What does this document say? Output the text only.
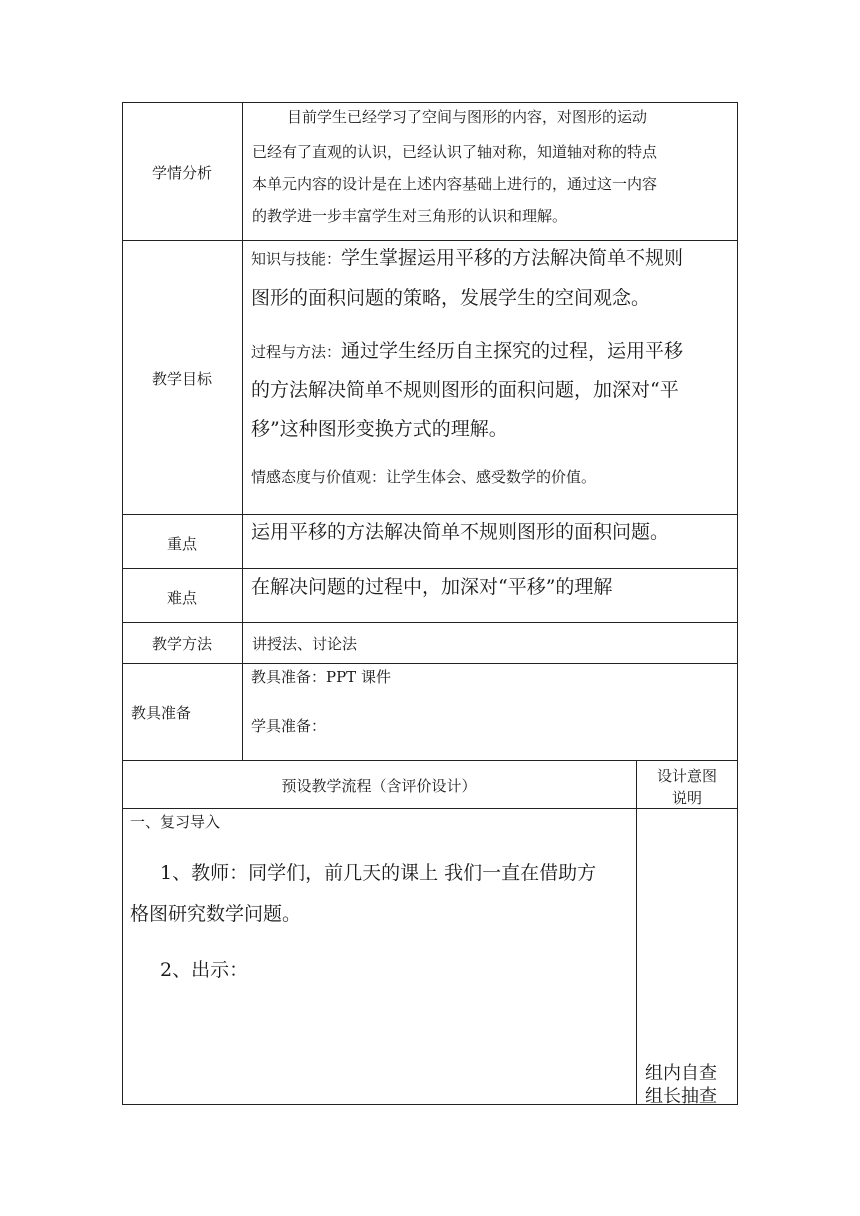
学情分析
目前学生已经学习了空间与图形的内容，对图形的运动
已经有了直观的认识，已经认识了轴对称，知道轴对称的特点
本单元内容的设计是在上述内容基础上进行的，通过这一内容
的教学进一步丰富学生对三角形的认识和理解。
教学目标
知识与技能：学生掌握运用平移的方法解决简单不规则
图形的面积问题的策略，发展学生的空间观念。
过程与方法：通过学生经历自主探究的过程，运用平移
的方法解决简单不规则图形的面积问题，加深对“平
移”这种图形变换方式的理解。
情感态度与价值观：让学生体会、感受数学的价值。
重点
运用平移的方法解决简单不规则图形的面积问题。
难点	在解决问题的过程中，加深对“平移”的理解
教学方法	讲授法、讨论法
教具准备
教具准备：PPT 课件
学具准备：
预设教学流程（含评价设计）
设计意图
说明
一、复习导入
1、教师：同学们，前几天的课上 我们一直在借助方
格图研究数学问题。
2、出示：
组内自查
组长抽查
